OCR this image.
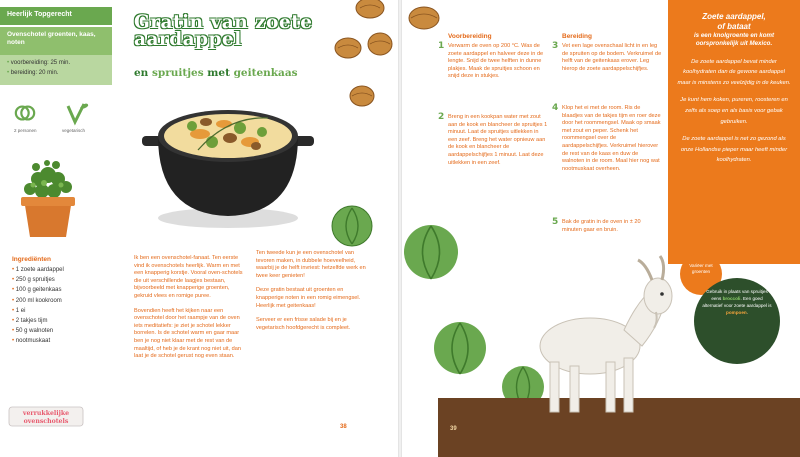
Heerlijk Topgerecht
Ovenschotel groenten, kaas, noten
• voorbereiding: 25 min.
• bereiding: 20 min.
2 personen	vegetarisch
Ingrediënten
• 1 zoete aardappel
• 250 g spruitjes
• 100 g geitenkaas
• 200 ml kookroom
• 1 ei
• 2 takjes tijm
• 50 g walnoten
• nootmuskaat
verrukkelijke
ovenschotels
Gratin van zoete aardappel
en spruitjes met geitenkaas

Ik ben een ovenschotel-fanaat. Ten eerste vind ik ovenschotels heerlijk. Warm en met een knapperig korstje. Vooral oven-schotels die uit verschillende laagjes bestaan, bijvoorbeeld met knapperige groenten, gekruid vlees en romige puree.

Bovendien heeft het kijken naar een ovenschotel door het raampje van de oven iets meditatiefs: je ziet je schotel lekker borrelen. Is de schotel warm en gaar maar ben je nog niet klaar met de rest van de maaltijd, of heb je de krant nog niet uit, dan laat je de schotel gerust nog even staan.

Ten tweede kun je een ovenschotel van tevoren maken, in dubbele hoeveelheid, waarbij je de helft invriest: hetzelfde werk en twee keer genieten!

Deze gratin bestaat uit groenten en knapperige noten in een romig eimengsel. Heerlijk met geitenkaas!

Serveer er een frisse salade bij en je vegetarisch hoofdgerecht is compleet.

38
Voorbereiding
1 Verwarm de oven op 200 °C. Was de zoete aardappel en halveer deze in de lengte. Snijd de twee helften in dunne plakjes. Maak de spruitjes schoon en snijd deze in stukjes.
2 Breng in een kookpan water met zout aan de kook en blancheer de spruitjes 1 minuut. Laat de spruitjes uitlekken in een zeef. Breng het water opnieuw aan de kook en blancheer de aardappelschijfjes 1 minuut. Laat deze uitlekken in een zeef.
Bereiding
3 Vet een lage ovenschaal licht in en leg de spruiten op de bodem. Verkruimel de helft van de geitenkaas erover. Leg hierop de zoete aardappelschijfjes.
4 Klop het ei met de room. Ris de blaadjes van de takjes tijm en roer deze door het roommengsel. Maak op smaak met zout en peper. Schenk het roommengsel over de aardappelschijfjes. Verkruimel hierover de rest van de kaas en duw de walnoten in de room. Maal hier nog wat nootmuskaat overheen.
5 Bak de gratin in de oven in ± 20 minuten gaar en bruin.
39
Zoete aardappel,
of bataat
is een knolgroente en komt oorspronkelijk uit Mexico.

De zoete aardappel bevat minder koolhydraten dan de gewone aardappel maar is minstens zo veelzijdig in de keuken.

Je kunt hem koken, pureren, roosteren en zelfs als soep en als basis voor gebak gebruiken.

De zoete aardappel is net zo gezond als onze Hollandse pieper maar heeft minder koolhydraten.

Variëer met groenten
Gebruik in plaats van spruitjes eens broccoli. Een goed alternatief voor zoete aardappel is pompoen.
